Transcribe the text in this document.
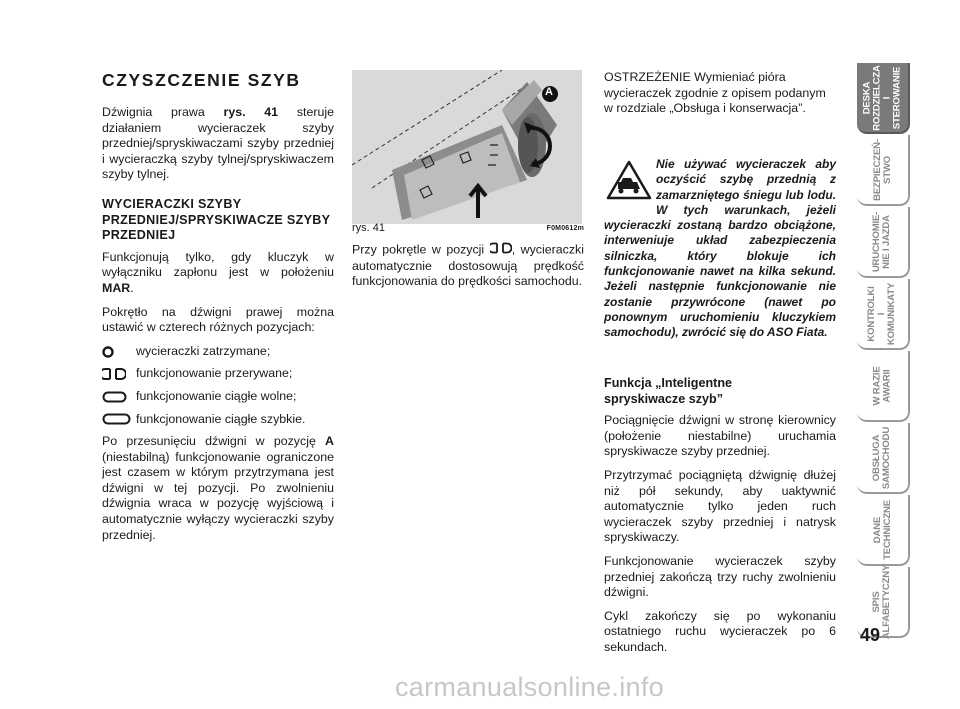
CZYSZCZENIE SZYB

Dźwignia prawa rys. 41 steruje działaniem wycieraczek szyby przedniej/spryskiwaczami szyby przedniej i wycieraczką szyby tylnej/spryskiwaczem szyby tylnej.

WYCIERACZKI SZYBY PRZEDNIEJ/SPRYSKIWACZE SZYBY PRZEDNIEJ

Funkcjonują tylko, gdy kluczyk w wyłączniku zapłonu jest w położeniu MAR.

Pokrętło na dźwigni prawej można ustawić w czterech różnych pozycjach:

wycieraczki zatrzymane;
funkcjonowanie przerywane;
funkcjonowanie ciągłe wolne;
funkcjonowanie ciągłe szybkie.

Po przesunięciu dźwigni w pozycję A (niestabilną) funkcjonowanie ograniczone jest czasem w którym przytrzymana jest dźwigni w tej pozycji. Po zwolnieniu dźwignia wraca w pozycję wyjściową i automatycznie wyłączy wycieraczki szyby przedniej.

A
rys. 41	F0M0612m

Przy pokrętle w pozycji , wycieraczki automatycznie dostosowują prędkość funkcjonowania do prędkości samochodu.

OSTRZEŻENIE Wymieniać pióra wycieraczek zgodnie z opisem podanym w rozdziale „Obsługa i konserwacja”.

Nie używać wycieraczek aby oczyścić szybę przednią z zamarzniętego śniegu lub lodu. W tych warunkach, jeżeli wycieraczki zostaną bardzo obciążone, interweniuje układ zabezpieczenia silniczka, który blokuje ich funkcjonowanie nawet na kilka sekund. Jeżeli następnie funkcjonowanie nie zostanie przywrócone (nawet po ponownym uruchomieniu kluczykiem samochodu), zwrócić się do ASO Fiata.

Funkcja „Inteligentne spryskiwacze szyb”

Pociągnięcie dźwigni w stronę kierownicy (położenie niestabilne) uruchamia spryskiwacze szyby przedniej.

Przytrzymać pociągniętą dźwignię dłużej niż pół sekundy, aby uaktywnić automatycznie tylko jeden ruch wycieraczek szyby przedniej i natrysk spryskiwaczy.

Funkcjonowanie wycieraczek szyby przedniej zakończą trzy ruchy zwolnieniu dźwigni.

Cykl zakończy się po wykonaniu ostatniego ruchu wycieraczek po 6 sekundach.

DESKA
ROZDZIELCZA
I STEROWANIE
BEZPIECZEŃ-
STWO
URUCHOMIE-
NIE I JAZDA
KONTROLKI
I KOMUNIKATY
W RAZIE
AWARII
OBSŁUGA
SAMOCHODU
DANE
TECHNICZNE
SPIS
ALFABETYCZNY
49
carmanualsonline.info
